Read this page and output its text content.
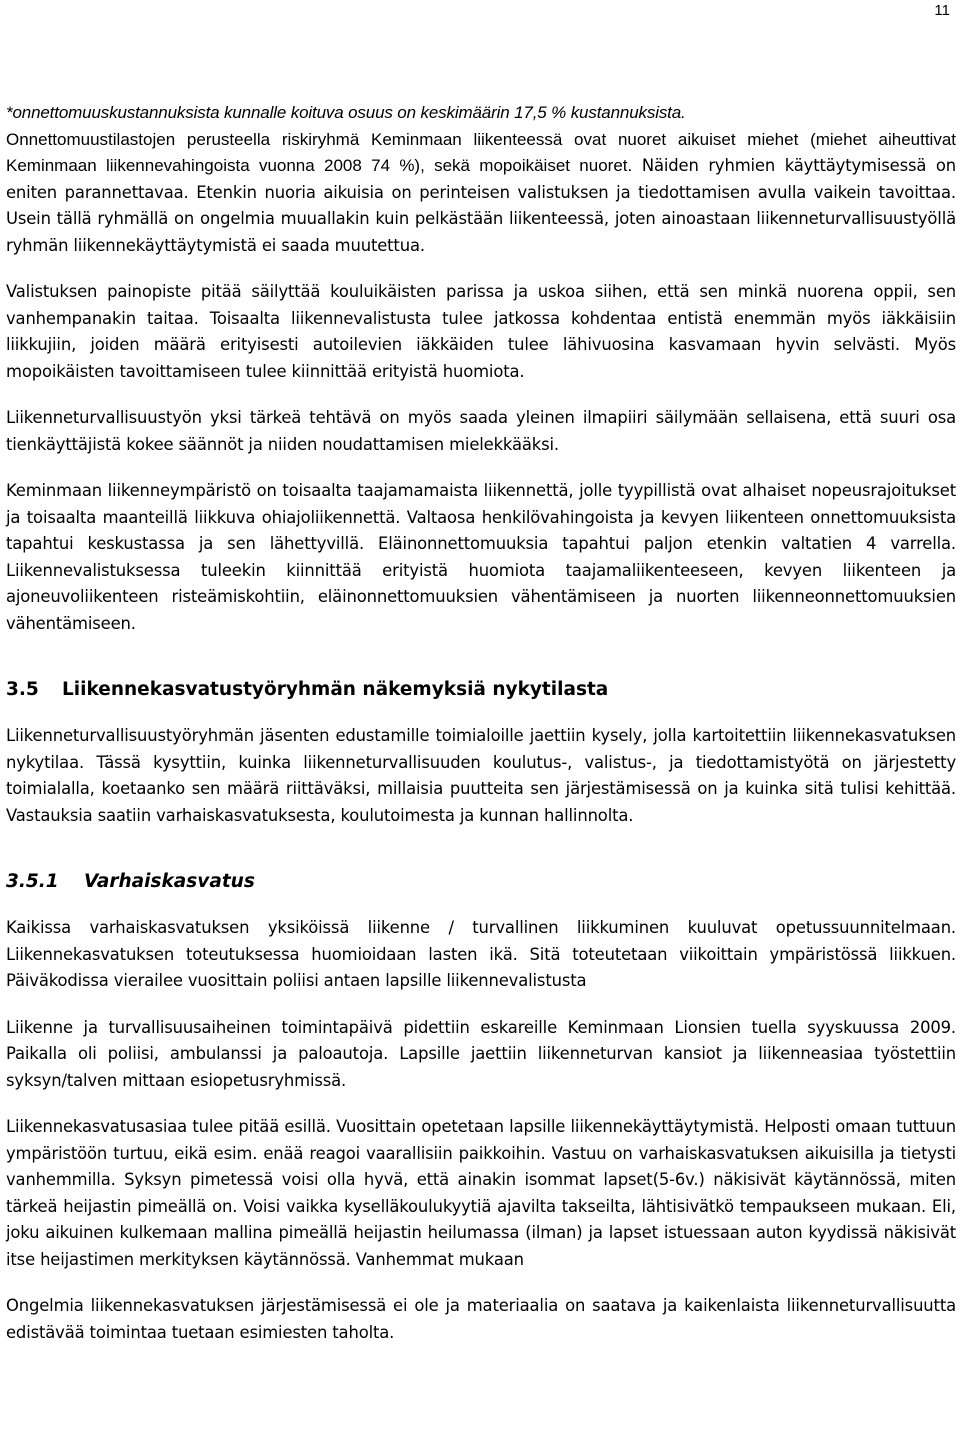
11

*onnettomuuskustannuksista kunnalle koituva osuus on keskimäärin 17,5 % kustannuksista.

Onnettomuustilastojen perusteella riskiryhmä Keminmaan liikenteessä ovat nuoret aikuiset miehet (miehet aiheuttivat Keminmaan liikennevahingoista vuonna 2008 74 %), sekä mopoikäiset nuoret. Näiden ryhmien käyttäytymisessä on eniten parannettavaa. Etenkin nuoria aikuisia on perinteisen valistuksen ja tiedottamisen avulla vaikein tavoittaa. Usein tällä ryhmällä on ongelmia muuallakin kuin pelkästään liikenteessä, joten ainoastaan liikenneturvallisuustyöllä ryhmän liikennekäyttäytymistä ei saada muutettua.

Valistuksen painopiste pitää säilyttää kouluikäisten parissa ja uskoa siihen, että sen minkä nuorena oppii, sen vanhempanakin taitaa. Toisaalta liikennevalistusta tulee jatkossa kohdentaa entistä enemmän myös iäkkäisiin liikkujiin, joiden määrä erityisesti autoilevien iäkkäiden tulee lähivuosina kasvamaan hyvin selvästi. Myös mopoikäisten tavoittamiseen tulee kiinnittää erityistä huomiota.

Liikenneturvallisuustyön yksi tärkeä tehtävä on myös saada yleinen ilmapiiri säilymään sellaisena, että suuri osa tienkäyttäjistä kokee säännöt ja niiden noudattamisen mielekkääksi.

Keminmaan liikenneympäristö on toisaalta taajamamaista liikennettä, jolle tyypillistä ovat alhaiset nopeusrajoitukset ja toisaalta maanteillä liikkuva ohiajoliikennettä. Valtaosa henkilövahingoista ja kevyen liikenteen onnettomuuksista tapahtui keskustassa ja sen lähettyvillä. Eläinonnettomuuksia tapahtui paljon etenkin valtatien 4 varrella. Liikennevalistuksessa tuleekin kiinnittää erityistä huomiota taajamaliikenteeseen, kevyen liikenteen ja ajoneuvoliikenteen risteämiskohtiin, eläinonnettomuuksien vähentämiseen ja nuorten liikenneonnettomuuksien vähentämiseen.

3.5	Liikennekasvatustyöryhmän näkemyksiä nykytilasta

Liikenneturvallisuustyöryhmän jäsenten edustamille toimialoille jaettiin kysely, jolla kartoitettiin liikennekasvatuksen nykytilaa. Tässä kysyttiin, kuinka liikenneturvallisuuden koulutus-, valistus-, ja tiedottamistyötä on järjestetty toimialalla, koetaanko sen määrä riittäväksi, millaisia puutteita sen järjestämisessä on ja kuinka sitä tulisi kehittää. Vastauksia saatiin varhaiskasvatuksesta, koulutoimesta ja kunnan hallinnolta.

3.5.1	Varhaiskasvatus

Kaikissa varhaiskasvatuksen yksiköissä liikenne / turvallinen liikkuminen kuuluvat opetussuunnitelmaan. Liikennekasvatuksen toteutuksessa huomioidaan lasten ikä. Sitä toteutetaan viikoittain ympäristössä liikkuen. Päiväkodissa vierailee vuosittain poliisi antaen lapsille liikennevalistusta

Liikenne ja turvallisuusaiheinen toimintapäivä pidettiin eskareille Keminmaan Lionsien tuella syyskuussa 2009. Paikalla oli poliisi, ambulanssi ja paloautoja. Lapsille jaettiin liikenneturvan kansiot ja liikenneasiaa työstettiin syksyn/talven mittaan esiopetusryhmissä.

Liikennekasvatusasiaa tulee pitää esillä. Vuosittain opetetaan lapsille liikennekäyttäytymistä. Helposti omaan tuttuun ympäristöön turtuu, eikä esim. enää reagoi vaarallisiin paikkoihin. Vastuu on varhaiskasvatuksen aikuisilla ja tietysti vanhemmilla. Syksyn pimetessä voisi olla hyvä, että ainakin isommat lapset(5-6v.) näkisivät käytännössä, miten tärkeä heijastin pimeällä on. Voisi vaikka kyselläkoulukyytiä ajavilta takseilta, lähtisivätkö tempaukseen mukaan. Eli, joku aikuinen kulkemaan mallina pimeällä heijastin heilumassa (ilman) ja lapset istuessaan auton kyydissä näkisivät itse heijastimen merkityksen käytännössä. Vanhemmat mukaan

Ongelmia liikennekasvatuksen järjestämisessä ei ole ja materiaalia on saatava ja kaikenlaista liikenneturvallisuutta edistävää toimintaa tuetaan esimiesten taholta.
